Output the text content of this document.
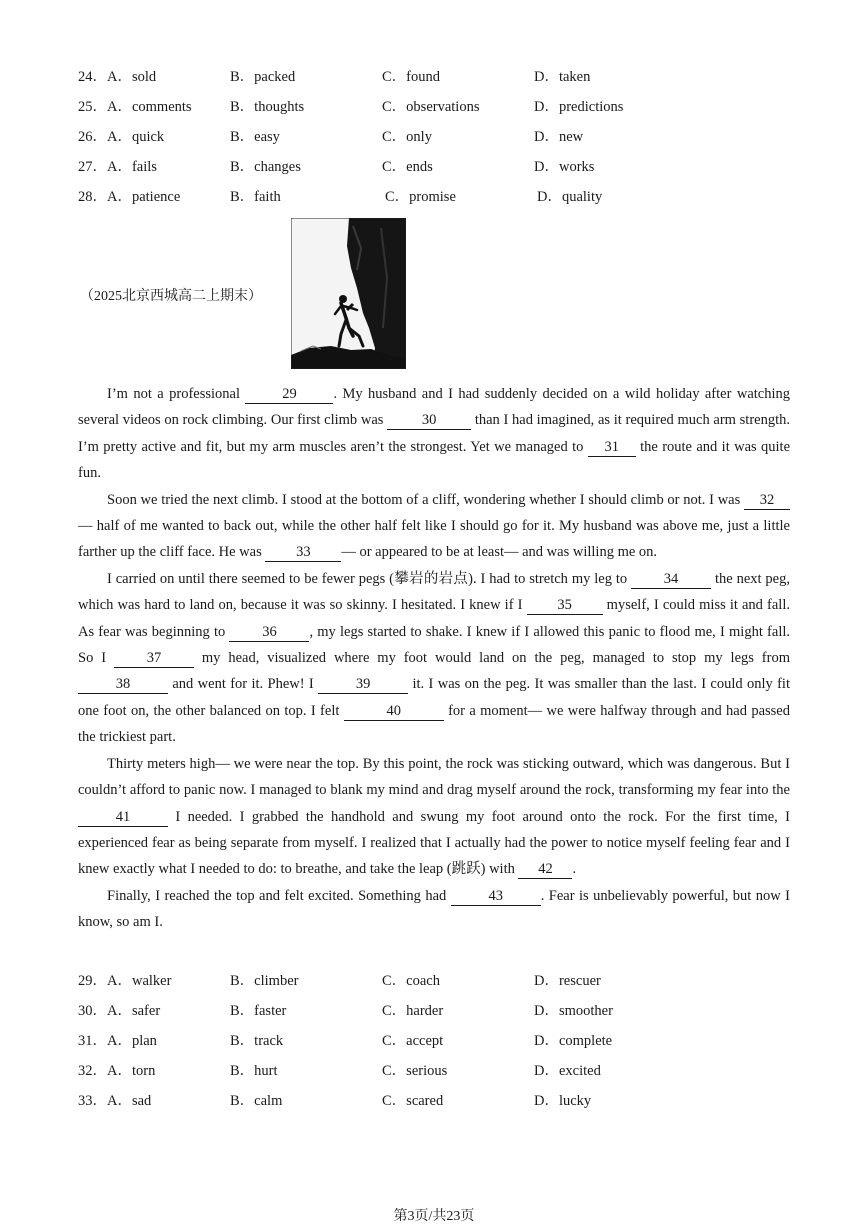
24．A．sold	B．packed	C．found	D．taken
25．A．comments	B．thoughts	C．observations	D．predictions
26．A．quick	B．easy	C．only	D．new
27．A．fails	B．changes	C．ends	D．works
28．A．patience	B．faith	C．promise	D．quality
（2025北京西城高二上期末）

I’m not a professional	29	. My husband and I had suddenly decided on a wild holiday after watching several videos on rock climbing. Our first climb was 30 than I had imagined, as it required much arm strength. I’m pretty active and fit, but my arm muscles aren’t the strongest. Yet we managed to 31 the route and it was quite fun.

Soon we tried the next climb. I stood at the bottom of a cliff, wondering whether I should climb or not. I was 32 — half of me wanted to back out, while the other half felt like I should go for it. My husband was above me, just a little farther up the cliff face. He was 33 — or appeared to be at least— and was willing me on.

I carried on until there seemed to be fewer pegs (攀岩的岩点). I had to stretch my leg to 34 the next peg, which was hard to land on, because it was so skinny. I hesitated. I knew if I 35 myself, I could miss it and fall. As fear was beginning to 36 , my legs started to shake. I knew if I allowed this panic to flood me, I might fall. So I 37 my head, visualized where my foot would land on the peg, managed to stop my legs from 38	and went for it. Phew! I	39	it. I was on the peg. It was smaller than the last. I could only fit one foot on, the other balanced on top. I felt	40	for a moment— we were halfway through and had passed the trickiest part.

Thirty meters high— we were near the top. By this point, the rock was sticking outward, which was dangerous. But I couldn’t afford to panic now. I managed to blank my mind and drag myself around the rock, transforming my fear into the 41	I needed. I grabbed the handhold and swung my foot around onto the rock. For the first time, I experienced fear as being separate from myself. I realized that I actually had the power to notice myself feeling fear and I knew exactly what I needed to do: to breathe, and take the leap (跳跃) with 42 .

Finally, I reached the top and felt excited. Something had	43	. Fear is unbelievably powerful, but now I know, so am I.

29．A．walker	B．climber	C．coach	D．rescuer
30．A．safer	B．faster	C．harder	D．smoother
31．A．plan	B．track	C．accept	D．complete
32．A．torn	B．hurt	C．serious	D．excited
33．A．sad	B．calm	C．scared	D．lucky
第3页/共23页
